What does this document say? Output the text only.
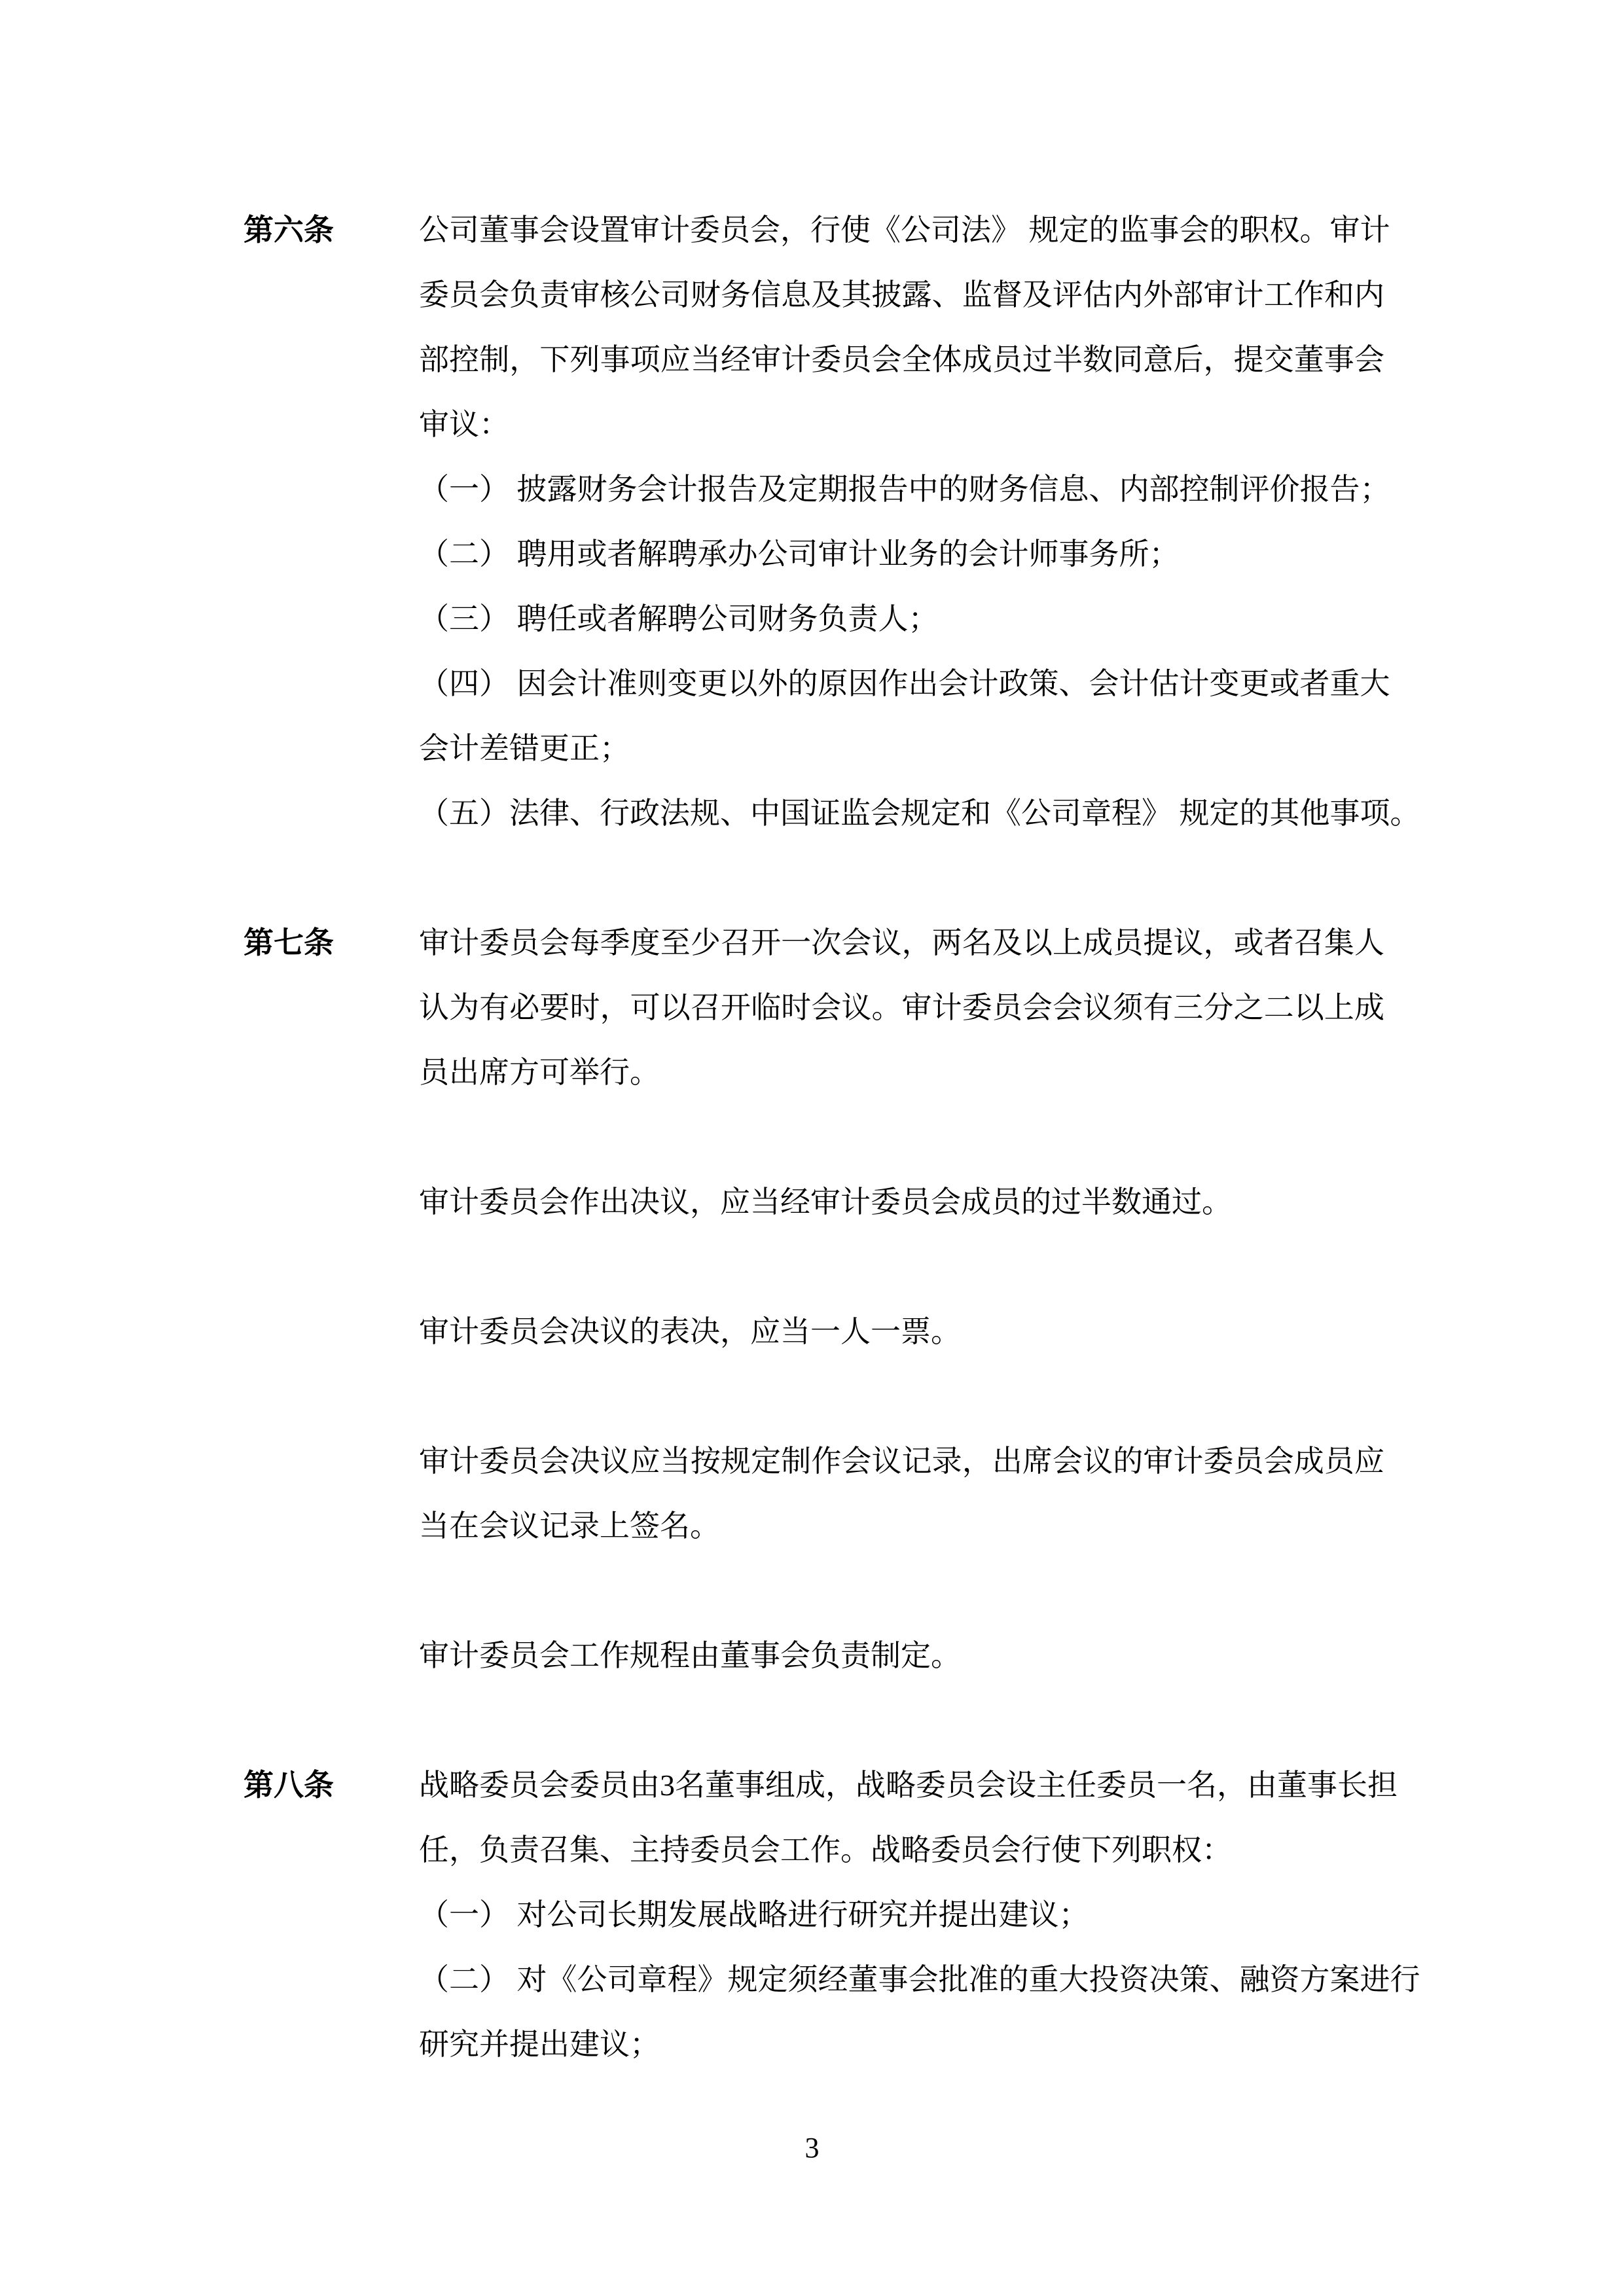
第六条	公司董事会设置审计委员会，行使《公司法》 规定的监事会的职权。审计
委员会负责审核公司财务信息及其披露、监督及评估内外部审计工作和内
部控制，下列事项应当经审计委员会全体成员过半数同意后，提交董事会
审议：
（一） 披露财务会计报告及定期报告中的财务信息、内部控制评价报告；
（二） 聘用或者解聘承办公司审计业务的会计师事务所；
（三） 聘任或者解聘公司财务负责人；
（四） 因会计准则变更以外的原因作出会计政策、会计估计变更或者重大
会计差错更正；
（五）法律、行政法规、中国证监会规定和《公司章程》 规定的其他事项。
第七条	审计委员会每季度至少召开一次会议，两名及以上成员提议，或者召集人
认为有必要时，可以召开临时会议。审计委员会会议须有三分之二以上成
员出席方可举行。
审计委员会作出决议，应当经审计委员会成员的过半数通过。
审计委员会决议的表决，应当一人一票。
审计委员会决议应当按规定制作会议记录，出席会议的审计委员会成员应
当在会议记录上签名。
审计委员会工作规程由董事会负责制定。
第八条	战略委员会委员由3名董事组成，战略委员会设主任委员一名，由董事长担
任，负责召集、主持委员会工作。战略委员会行使下列职权：
（一） 对公司长期发展战略进行研究并提出建议；
（二） 对《公司章程》规定须经董事会批准的重大投资决策、融资方案进行
研究并提出建议；
3
